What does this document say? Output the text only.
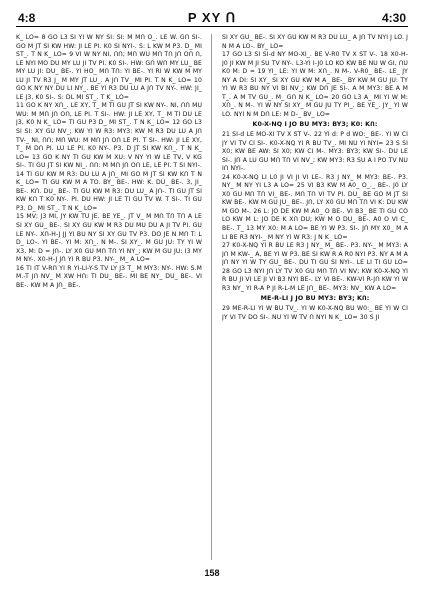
4:8	P XY Ո	4:30

K_ LO= 8 GO L3 SI YI W NY SI: SI: M MՈ O_. LE W. GՈ SI-. GO M JT SI KW HW: JI LE PI. K0 SI NYI-. S: L KW M P3. D_ MI ST_. T N K_ LO= 9 VI W NY NI, ՈՈ; MՈ WU MՈ TՈ JՈ OՈ Ո, LE NYI MO DU MY LU JI TV PI. K0 SI-. HW: GՈ WՈ MY LU_ BE MY LU JI: DU_ BE-. YI HO_ MՈ TՈ: YI BE-. YI RI W KW M MY LU JI TV R3 J_ M MY JT LU_. A JՈ TV_ MI PI. T N K_ LO= 10 GO K NY NY DU LI NY_. BE YI R3 DU LU A JՈ TV NY-. HW: JI_ LE J3, K0 SI-. S: DL MI ST_. T K_ LO=

11 GO K NY XՈ_. LE XY, T_ M TI GU JT SI KW NY-. NI, ՈՈ MU WU: M MՈ JՈ OՈ, LE PI. T SI-. HW: JI LE XY, T_ M TI DU LE J3, K0 N K_ LO= TI GU P3 D_ MI ST_. T N K_ LO= 12 GO L3 SI SI: XY GU NV_; KW YI W R3: MY3: KW M R3 DU LU A JՈ TV-_ NI, ՈՈ; MՈ WU: M MՈ JՈ OՈ LE PI. T SI-. HW: JI LE XY, T_ M DՈ PI. LU LE PI. K0 NY-. P3. D JT SI KW KՈ_. T N K_ LO= 13 GO K NY TI GU KW M XU: V NY YI W LE TV, V KG SI-. TI GU JT SI KW NI_. ՈՈ: M MՈ JՈ OՈ LE, LE PI. T SI NYI-. 14 TI GU KW M R3: DU LU A JՈ_ MI GO M JT SI KW KՈ T N K_ LO= TI GU KW M A TO. BY_ BE-. HW: K. DU_ BE-. 3, JI_ BE-. KՈ. DU_ BE-. TI GU KW M R3: DU LU_ A JՈ-. TI GU JT SI KW KՈ T K0 NY-. PI. DU HW: JI LE TI GU TV W. T SI-. TI GU P3. D_ MI ST_. T N K_ LO=

15 MV; J3 MI, JY KW TU JE. BE YE_. JT V_ M MՈ TՈ TՈ A LE SI XY GU_ BE-. SI XY GU KW M R3 DU MU DU A JI TV PI. GU LE NY-. XՈ-H-J JJ YI BU NY SI XY GU TV P3. DO JE N MՈ T: L D_ LO-. YI BE-. YI M: XՈ_. N M-. SI XY_. M GU JU: TY YI W X3, M: D = JՈ-. LY X0 GU MՈ TՈ YI NY_; KW M GU JU: I3 MY M NY-. X0-H-J JՈ YI R BU P3. NY-_ M_ A LO=

16 TI IT V-RՈ YI R YI-LI-Y-S TV LY J3 T_ M MY3: NY-. HW: S.M M.-T JՈ NV_ M XW HՈ: TI DU_ BE-. MI BE NY_ DU_ BE-. VI BE-. KW M A JՈ_ BE-.

SI XY GU_ BE-. SI XY GU KW M R3 DU LU_ A JՈ TV NYI J LO. J N M A LO-. BY_ LO=

17 GO L3 SI SI-d NY MO-XI_. BE V-R0 TV X ST V-. 18 X0-H-J0 JI KW M JI SU TV NY-. L3-YI I-J0 LO KO KW BE NU W GI, ՈU K0 M: D = 19 YI_ LE: YI W M: XՈ_. N M-. V-R0_ BE-. LE_ JY NY A DI: SI XY_ SI XY GU KW M A_ BE-_ BY KW M GU JU: TY YI W R3 BU NY VI BI NV_; KW DՈ JE SI-. A M MY3: BE A M T_. A M TV GU_. M_ GՈ N K_ LO= 20 GO L3 A_ MI YI W M: XՈ_. N M-. YI W NY SI XY_ M GU JU TY PI_. BE YE_. JY_ YI W LO. NYI N M DՈ LE: M D-_ BV_ LO=

K0-X-NQ I JO BU MY3: BY3; K0: KՈ:

21 SI-d LE MO-XI TV X ST V-. 22 YI d: P d WO:_ BE-. YI W CI JY VI TV CI SI-. K0-X-NQ YI R BU TV_. MI NU YI NYI= 23 S SI X0; KW BE AW: SI X0; KW CI M-. MY3: BY3; KW SI-. DU LE SI-. JՈ A LU GU MՈ TՈ VI NV_; KW MY3: R3 SU A I PO TV NU IՈ NYI-.

24 K0-X-NQ LI L0 JI VI JI VI LE-. R3 J NY_ M MY3: BE-. P3. NY_ M NY YI L3 A LO= 25 VI B3 KW M A0_ O_._ BE-. J0 LY X0 GU MՈ TՈ VI_ BE-. MՈ TՈ VI TV PI. DU_ BE GO M JT SI KW BE-. KW M GU JU_ BE-. JՈ, LY X0 GU MՈ TՈ VI K: DU KW M GO M-. 26 L: JO DE KW M A0_ O BE-. VI B3_ BE TI GU CO LO KW M L: JO DE K XՈ DU; KW M O DU_ BE-. A0 O VI C_ BE-. T_ 13 MY X0: M A LO= BE YI W P3. SI-. JՈ MY X0_ M A LI BE R3 NYI-_ M NY YI W R3: J N K_ LO=

27 K0-X-NQ YI R BU LE R3 J NY_ M_ BE-. P3. NY-_ M MY3: A JՈ M KW-_ A, BE YI W P3. BE SI KW R A R0 NYI P3. NY A M A JՈ NY YI W TY GU_ BE-. DU TI GU SI NYI-. LE LI TI GU LO= 28 GO L3 NYI JՈ LY TV X0 GU MՈ TՈ VI NV; KW K0-X-NQ YI R BU JI VI LE JI VI B3 NYI BE-. LY VI BE-. KW-VI R-JՈ KW YI W R3 NY_ YI R-A P JI R-L-M LE JՈ_ BE-. MY3: NV_ KW A LO=

ME-R-LI J JO BU MY3: BY3; KՈ:

29 ME-R-LI YI W BU TV_. YI W K0-X-NQ BU W0:_ BE YI W CI JY VI TV DO SI-. NU YI W TV Ո NYI N K_ LO= 30 S JI

158
